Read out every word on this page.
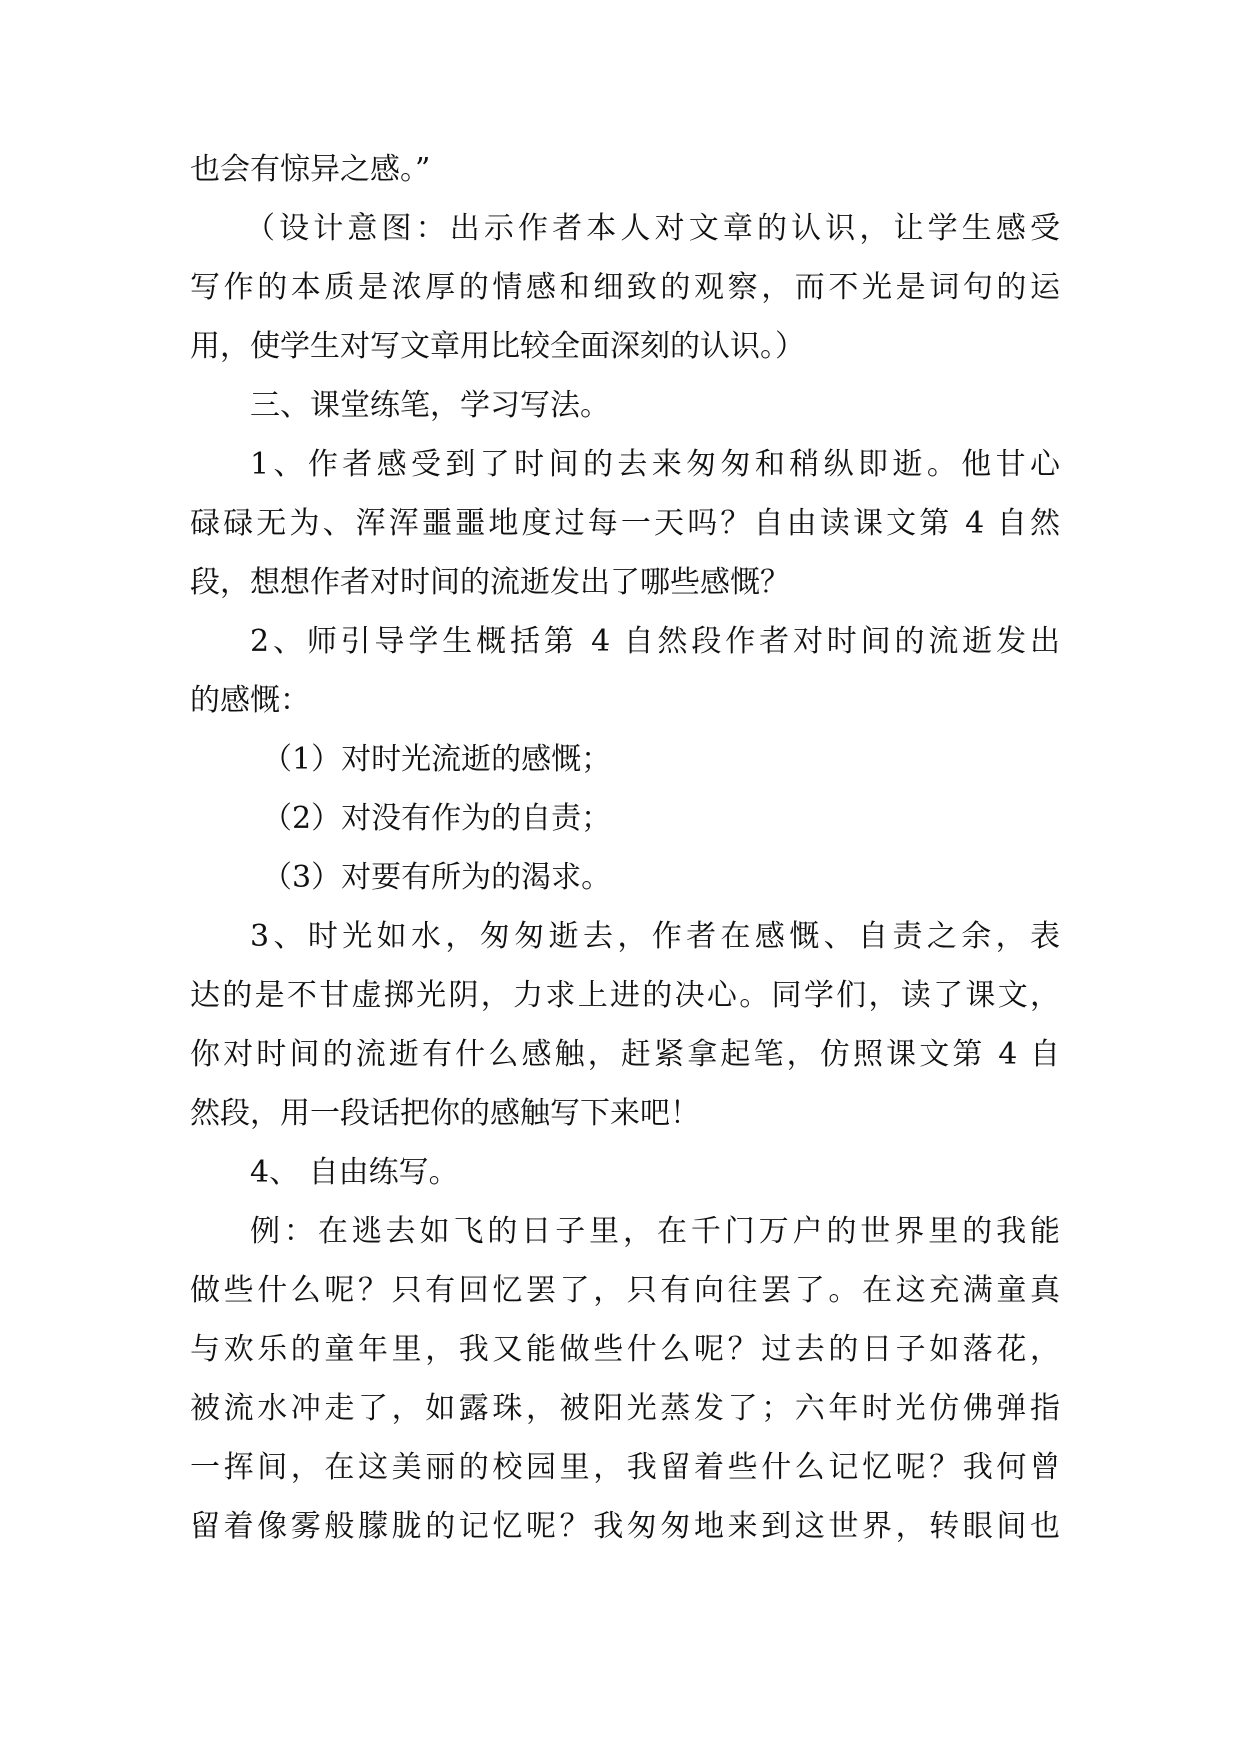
也会有惊异之感。”
（设计意图：出示作者本人对文章的认识，让学生感受
写作的本质是浓厚的情感和细致的观察，而不光是词句的运
用，使学生对写文章用比较全面深刻的认识。）
三、课堂练笔，学习写法。
1、作者感受到了时间的去来匆匆和稍纵即逝。他甘心
碌碌无为、浑浑噩噩地度过每一天吗？自由读课文第 4 自然
段，想想作者对时间的流逝发出了哪些感慨？
2、师引导学生概括第 4 自然段作者对时间的流逝发出
的感慨：
（1）对时光流逝的感慨；
（2）对没有作为的自责；
（3）对要有所为的渴求。
3、时光如水，匆匆逝去，作者在感慨、自责之余，表
达的是不甘虚掷光阴，力求上进的决心。同学们，读了课文，
你对时间的流逝有什么感触，赶紧拿起笔，仿照课文第 4 自
然段，用一段话把你的感触写下来吧！
4、 自由练写。
例：在逃去如飞的日子里，在千门万户的世界里的我能
做些什么呢？只有回忆罢了，只有向往罢了。在这充满童真
与欢乐的童年里，我又能做些什么呢？过去的日子如落花，
被流水冲走了，如露珠，被阳光蒸发了；六年时光仿佛弹指
一挥间，在这美丽的校园里，我留着些什么记忆呢？我何曾
留着像雾般朦胧的记忆呢？我匆匆地来到这世界，转眼间也
